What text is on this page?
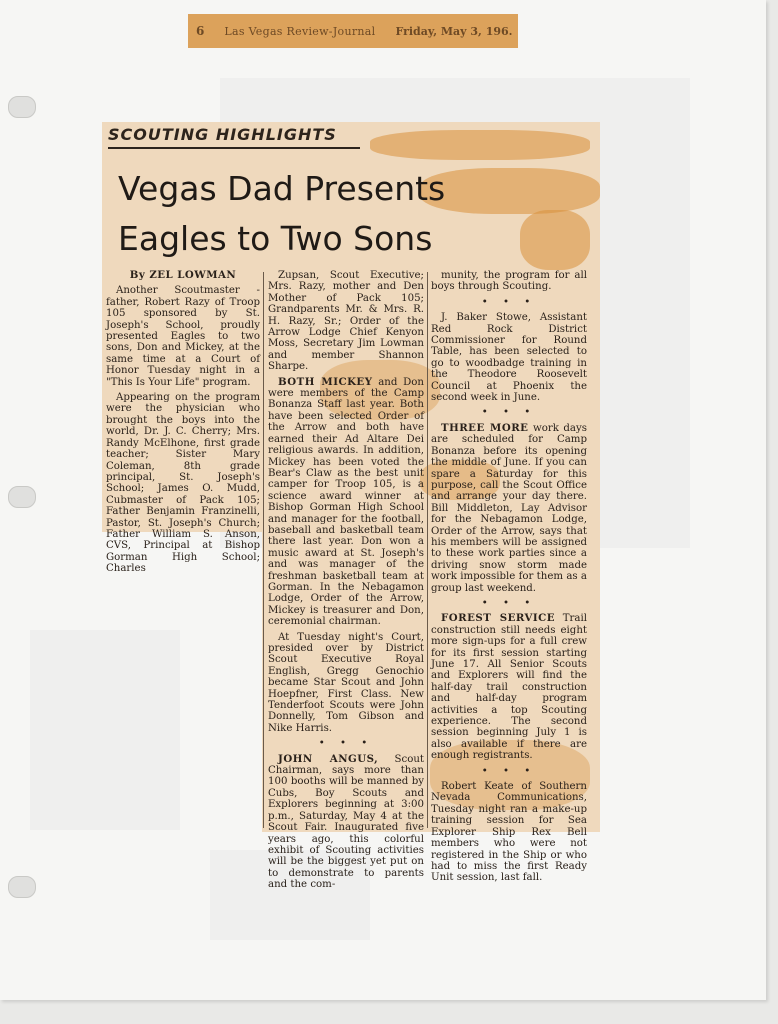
6 Las Vegas Review-Journal Friday, May 3, 196.
SCOUTING HIGHLIGHTS
Vegas Dad Presents
Eagles to Two Sons

By ZEL LOWMAN

Another Scoutmaster - father, Robert Razy of Troop 105 sponsored by St. Joseph's School, proudly presented Eagles to two sons, Don and Mickey, at the same time at a Court of Honor Tuesday night in a "This Is Your Life" program.

Appearing on the program were the physician who brought the boys into the world, Dr. J. C. Cherry; Mrs. Randy McElhone, first grade teacher; Sister Mary Coleman, 8th grade principal, St. Joseph's School; James O. Mudd, Cubmaster of Pack 105; Father Benjamin Franzinelli, Pastor, St. Joseph's Church; Father William S. Anson, CVS, Principal at Bishop Gorman High School; Charles

Zupsan, Scout Executive; Mrs. Razy, mother and Den Mother of Pack 105; Grandparents Mr. & Mrs. R. H. Razy, Sr.; Order of the Arrow Lodge Chief Kenyon Moss, Secretary Jim Lowman and member Shannon Sharpe.

BOTH MICKEY and Don were members of the Camp Bonanza Staff last year. Both have been selected Order of the Arrow and both have earned their Ad Altare Dei religious awards. In addition, Mickey has been voted the Bear's Claw as the best unit camper for Troop 105, is a science award winner at Bishop Gorman High School and manager for the football, baseball and basketball team there last year. Don won a music award at St. Joseph's and was manager of the freshman basketball team at Gorman. In the Nebagamon Lodge, Order of the Arrow, Mickey is treasurer and Don, ceremonial chairman.

At Tuesday night's Court, presided over by District Scout Executive Royal English, Gregg Genochio became Star Scout and John Hoepfner, First Class. New Tenderfoot Scouts were John Donnelly, Tom Gibson and Nike Harris.

• • •

JOHN ANGUS, Scout Chairman, says more than 100 booths will be manned by Cubs, Boy Scouts and Explorers beginning at 3:00 p.m., Saturday, May 4 at the Scout Fair. Inaugurated five years ago, this colorful exhibit of Scouting activities will be the biggest yet put on to demonstrate to parents and the com-

munity, the program for all boys through Scouting.

• • •

J. Baker Stowe, Assistant Red Rock District Commissioner for Round Table, has been selected to go to woodbadge training in the Theodore Roosevelt Council at Phoenix the second week in June.

• • •

THREE MORE work days are scheduled for Camp Bonanza before its opening the middle of June. If you can spare a Saturday for this purpose, call the Scout Office and arrange your day there. Bill Middleton, Lay Advisor for the Nebagamon Lodge, Order of the Arrow, says that his members will be assigned to these work parties since a driving snow storm made work impossible for them as a group last weekend.

• • •

FOREST SERVICE Trail construction still needs eight more sign-ups for a full crew for its first session starting June 17. All Senior Scouts and Explorers will find the half-day trail construction and half-day program activities a top Scouting experience. The second session beginning July 1 is also available if there are enough registrants.

• • •

Robert Keate of Southern Nevada Communications, Tuesday night ran a make-up training session for Sea Explorer Ship Rex Bell members who were not registered in the Ship or who had to miss the first Ready Unit session, last fall.
